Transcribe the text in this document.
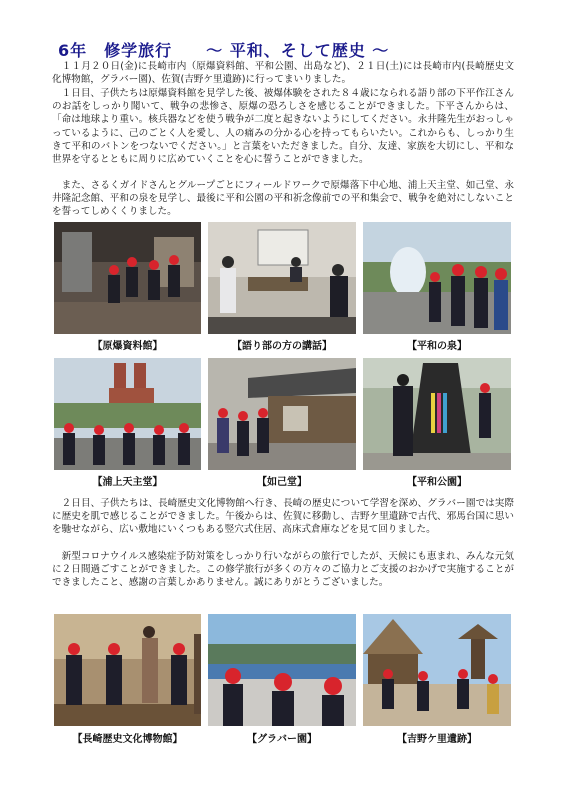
6年　修学旅行　　～ 平和、そして歴史 ～

　１１月２０日(金)に長崎市内（原爆資料館、平和公園、出島など)、２１日(土)には長崎市内(長崎歴史文化博物館，グラバー園)、佐賀(吉野ケ里遺跡)に行ってまいりました。

　１日目、子供たちは原爆資料館を見学した後、被爆体験をされた８４歳になられる語り部の下平作江さんのお話をしっかり聞いて、戦争の悲惨さ、原爆の恐ろしさを感じることができました。下平さんからは、「命は地球より重い。核兵器などを使う戦争が二度と起きないようにしてください。永井隆先生がおっしゃっているように、己のごとく人を愛し、人の痛みの分かる心を持ってもらいたい。これからも、しっかり生きて平和のバトンをつないでください。」と言葉をいただきました。自分、友達、家族を大切にし、平和な世界を守るとともに周りに広めていくことを心に誓うことができました。

　また、さるくガイドさんとグループごとにフィールドワークで原爆落下中心地、浦上天主堂、如己堂、永井隆記念館、平和の泉を見学し、最後に平和公園の平和祈念像前での平和集会で、戦争を絶対にしないことを誓ってしめくくりました。

【原爆資料館】	【語り部の方の講話】	【平和の泉】
【浦上天主堂】	【如己堂】	【平和公園】

　２日目、子供たちは、長崎歴史文化博物館へ行き、長崎の歴史について学習を深め、グラバー園では実際に歴史を肌で感じることができました。午後からは、佐賀に移動し、吉野ケ里遺跡で古代、邪馬台国に思いを馳せながら、広い敷地にいくつもある竪穴式住居、高床式倉庫などを見て回りました。

　新型コロナウイルス感染症予防対策をしっかり行いながらの旅行でしたが、天候にも恵まれ、みんな元気に２日間過ごすことができました。この修学旅行が多くの方々のご協力とご支援のおかげで実施することができましたこと、感謝の言葉しかありません。誠にありがとうございました。

【長崎歴史文化博物館】	【グラバー園】	【吉野ケ里遺跡】
